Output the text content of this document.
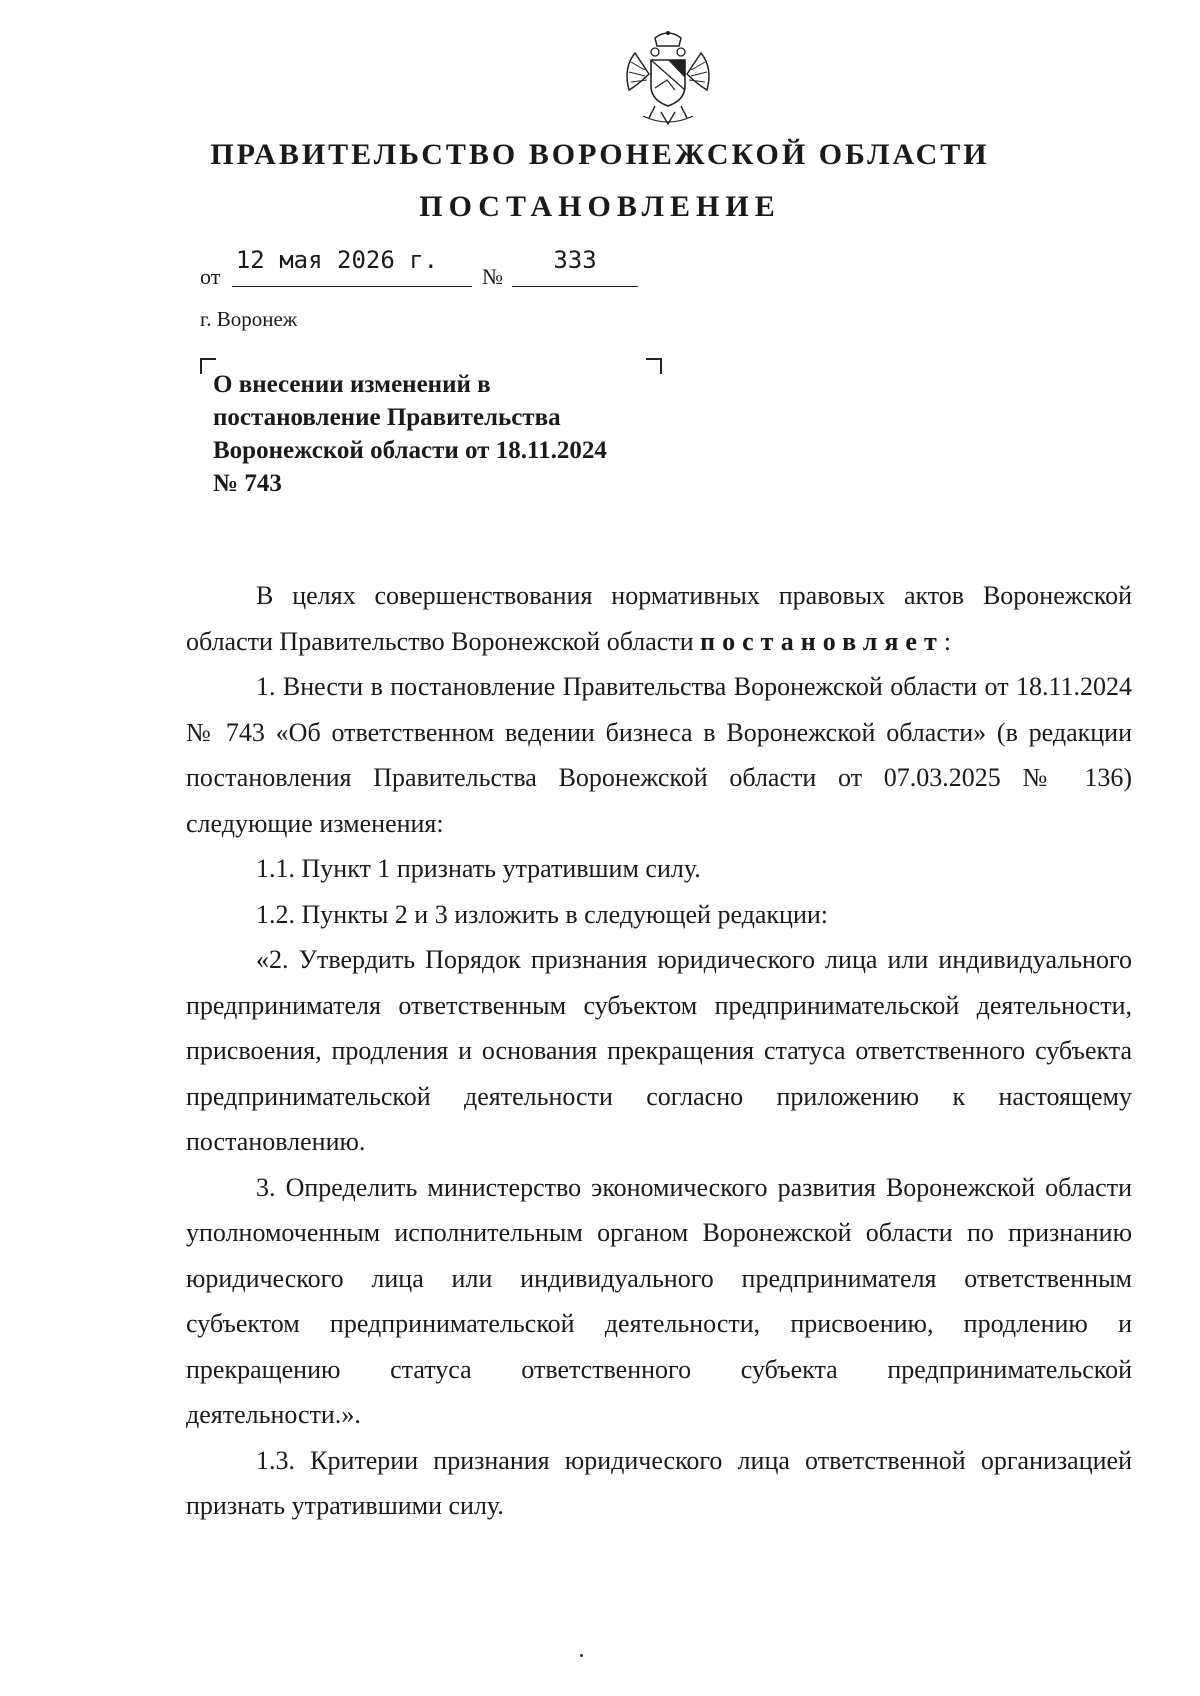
ПРАВИТЕЛЬСТВО ВОРОНЕЖСКОЙ ОБЛАСТИ
ПОСТАНОВЛЕНИЕ
от
12 мая 2026 г.
№
333
г. Воронеж
О внесении изменений в
постановление Правительства
Воронежской области от 18.11.2024
№ 743

В целях совершенствования нормативных правовых актов Воронежской области Правительство Воронежской области постановляет:

1. Внести в постановление Правительства Воронежской области от 18.11.2024 № 743 «Об ответственном ведении бизнеса в Воронежской области» (в редакции постановления Правительства Воронежской области от 07.03.2025 № 136) следующие изменения:

1.1. Пункт 1 признать утратившим силу.

1.2. Пункты 2 и 3 изложить в следующей редакции:

«2. Утвердить Порядок признания юридического лица или индивидуального предпринимателя ответственным субъектом предпринимательской деятельности, присвоения, продления и основания прекращения статуса ответственного субъекта предпринимательской деятельности согласно приложению к настоящему постановлению.

3. Определить министерство экономического развития Воронежской области уполномоченным исполнительным органом Воронежской области по признанию юридического лица или индивидуального предпринимателя ответственным субъектом предпринимательской деятельности, присвоению, продлению и прекращению статуса ответственного субъекта предпринимательской деятельности.».

1.3. Критерии признания юридического лица ответственной организацией признать утратившими силу.
